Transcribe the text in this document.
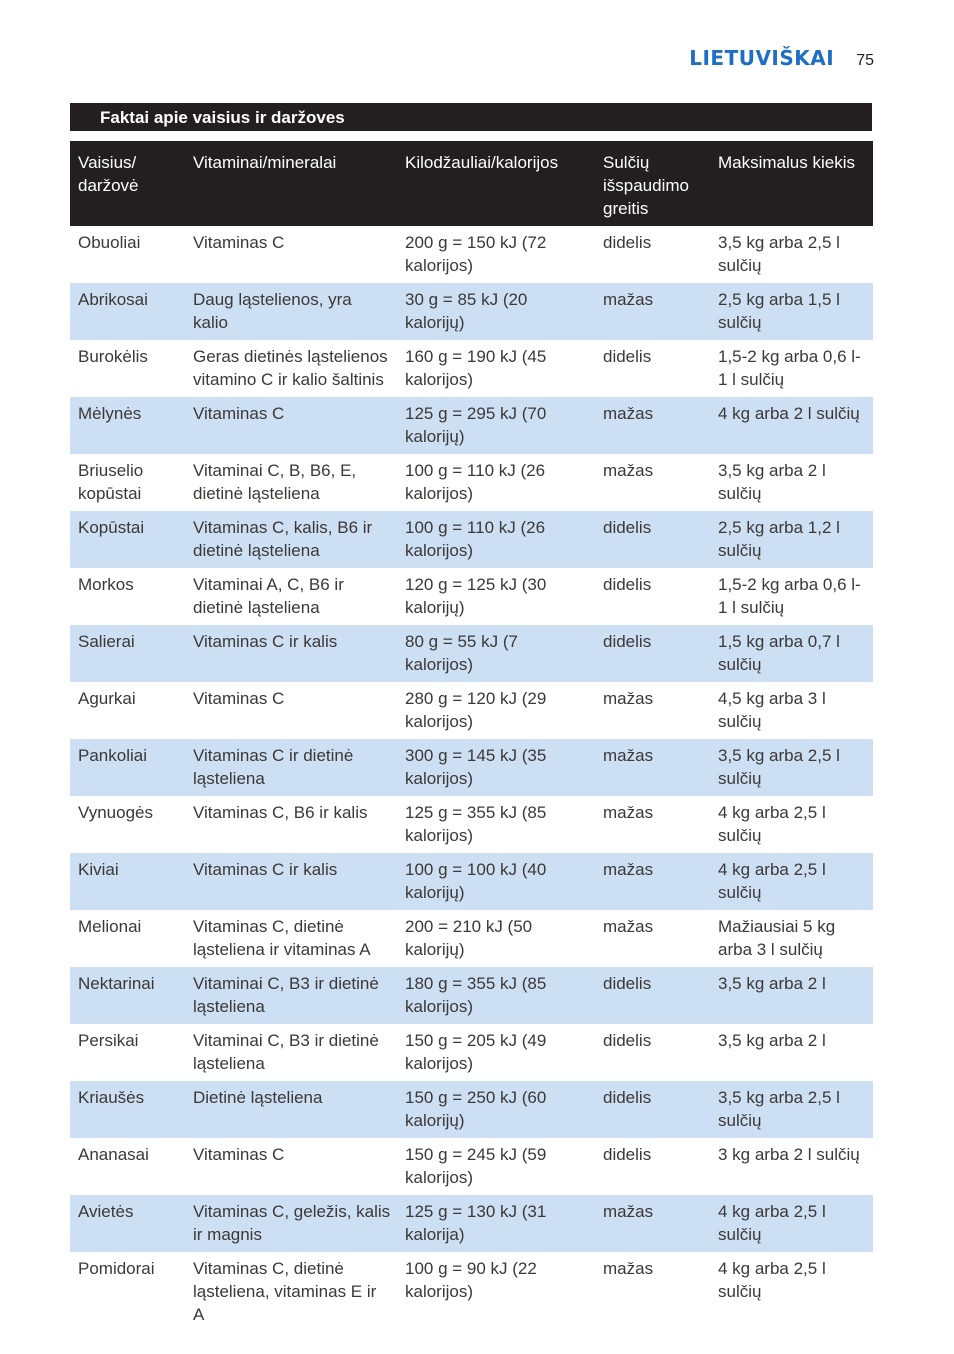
LIETUVIŠKAI 75
Faktai apie vaisius ir daržoves
Vaisius/ daržovė	Vitaminai/mineralai	Kilodžauliai/kalorijos	Sulčių išspaudimo greitis	Maksimalus kiekis
Obuoliai	Vitaminas C	200 g = 150 kJ (72 kalorijos)	didelis	3,5 kg arba 2,5 l sulčių
Abrikosai	Daug ląstelienos, yra kalio	30 g = 85 kJ (20 kalorijų)	mažas	2,5 kg arba 1,5 l sulčių
Burokėlis	Geras dietinės ląstelienos vitamino C ir kalio šaltinis	160 g = 190 kJ (45 kalorijos)	didelis	1,5-2 kg arba 0,6 l-1 l sulčių
Mėlynės	Vitaminas C	125 g = 295 kJ (70 kalorijų)	mažas	4 kg arba 2 l sulčių
Briuselio kopūstai	Vitaminai C, B, B6, E, dietinė ląsteliena	100 g = 110 kJ (26 kalorijos)	mažas	3,5 kg arba 2 l sulčių
Kopūstai	Vitaminas C, kalis, B6 ir dietinė ląsteliena	100 g = 110 kJ (26 kalorijos)	didelis	2,5 kg arba 1,2 l sulčių
Morkos	Vitaminai A, C, B6 ir dietinė ląsteliena	120 g = 125 kJ (30 kalorijų)	didelis	1,5-2 kg arba 0,6 l-1 l sulčių
Salierai	Vitaminas C ir kalis	80 g = 55 kJ (7 kalorijos)	didelis	1,5 kg arba 0,7 l sulčių
Agurkai	Vitaminas C	280 g = 120 kJ (29 kalorijos)	mažas	4,5 kg arba 3 l sulčių
Pankoliai	Vitaminas C ir dietinė ląsteliena	300 g = 145 kJ (35 kalorijos)	mažas	3,5 kg arba 2,5 l sulčių
Vynuogės	Vitaminas C, B6 ir kalis	125 g = 355 kJ (85 kalorijos)	mažas	4 kg arba 2,5 l sulčių
Kiviai	Vitaminas C ir kalis	100 g = 100 kJ (40 kalorijų)	mažas	4 kg arba 2,5 l sulčių
Melionai	Vitaminas C, dietinė ląsteliena ir vitaminas A	200 = 210 kJ (50 kalorijų)	mažas	Mažiausiai 5 kg arba 3 l sulčių
Nektarinai	Vitaminai C, B3 ir dietinė ląsteliena	180 g = 355 kJ (85 kalorijos)	didelis	3,5 kg arba 2 l
Persikai	Vitaminai C, B3 ir dietinė ląsteliena	150 g = 205 kJ (49 kalorijos)	didelis	3,5 kg arba 2 l
Kriaušės	Dietinė ląsteliena	150 g = 250 kJ (60 kalorijų)	didelis	3,5 kg arba 2,5 l sulčių
Ananasai	Vitaminas C	150 g = 245 kJ (59 kalorijos)	didelis	3 kg arba 2 l sulčių
Avietės	Vitaminas C, geležis, kalis ir magnis	125 g = 130 kJ (31 kalorija)	mažas	4 kg arba 2,5 l sulčių
Pomidorai	Vitaminas C, dietinė ląsteliena, vitaminas E ir A	100 g = 90 kJ (22 kalorijos)	mažas	4 kg arba 2,5 l sulčių
